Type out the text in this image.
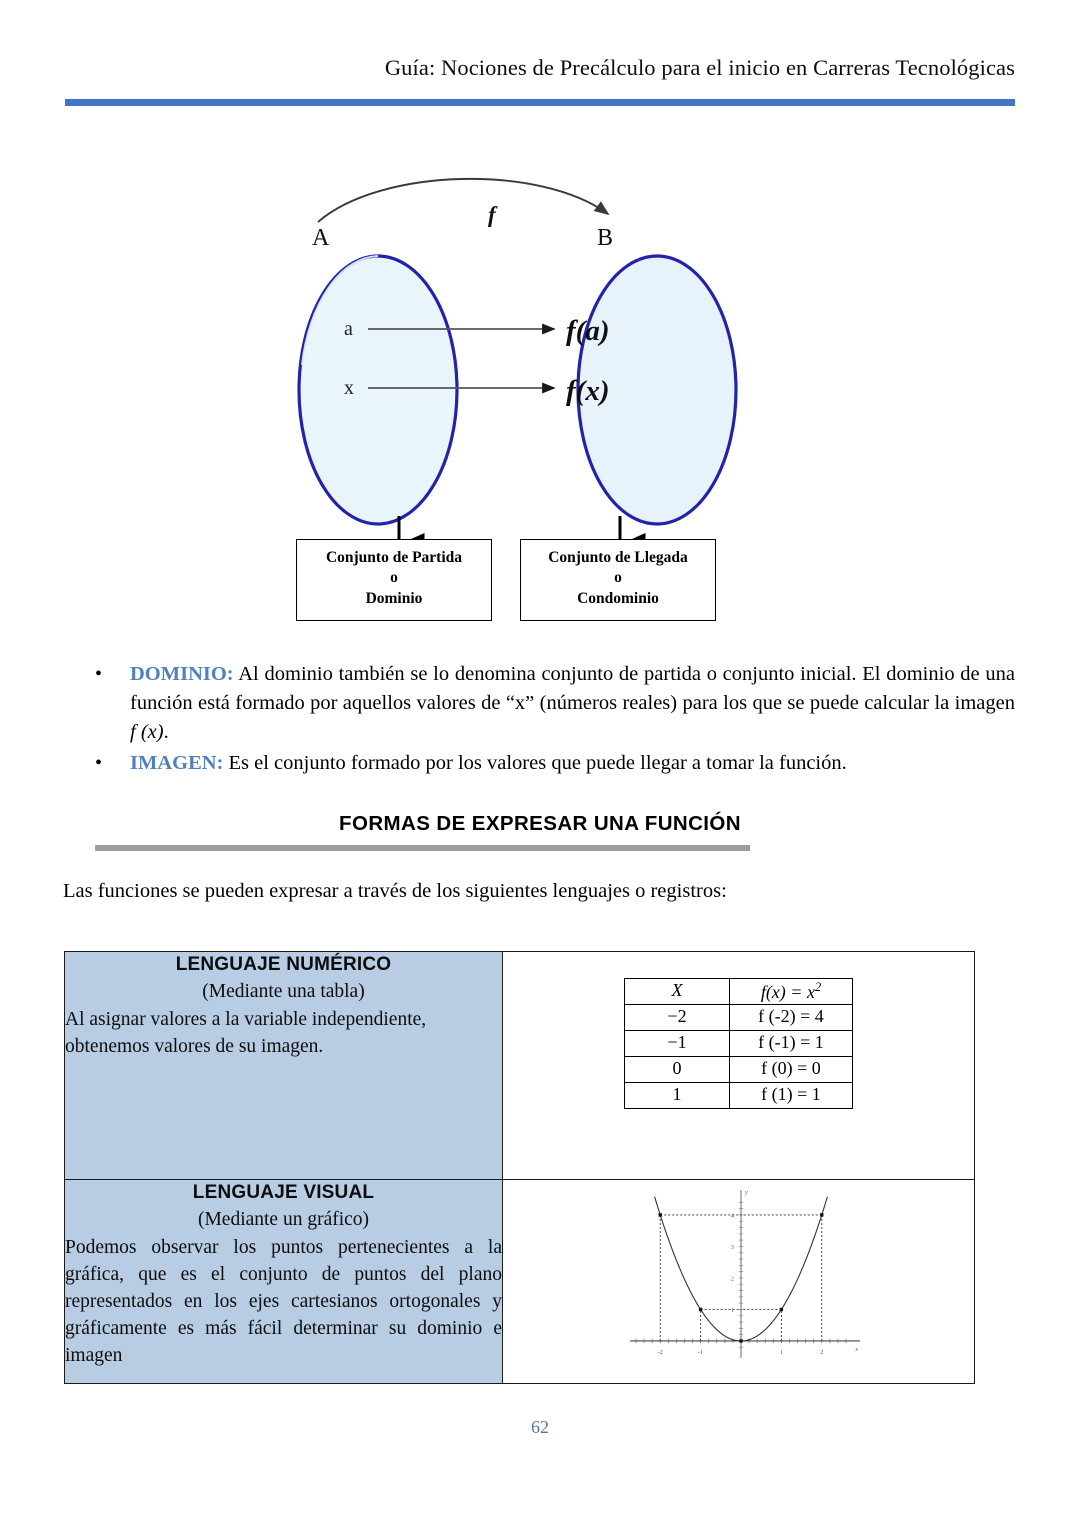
Guía: Nociones de Precálculo para el inicio en Carreras Tecnológicas
f
A	B
a	f(a)
x	f(x)
Conjunto de Partida
o
Dominio
Conjunto de Llegada
o
Condominio
• DOMINIO: Al dominio también se lo denomina conjunto de partida o conjunto inicial. El dominio de una función está formado por aquellos valores de “x” (números reales) para los que se puede calcular la imagen f (x).
• IMAGEN: Es el conjunto formado por los valores que puede llegar a tomar la función.
FORMAS DE EXPRESAR UNA FUNCIÓN
Las funciones se pueden expresar a través de los siguientes lenguajes o registros:
LENGUAJE NUMÉRICO
(Mediante una tabla)
Al asignar valores a la variable independiente, obtenemos valores de su imagen.

X	$f(x) = x^2$
−2	f (-2) = 4
−1	f (-1) = 1
0	f (0) = 0
1	f (1) = 1

LENGUAJE VISUAL
(Mediante un gráfico)
Podemos observar los puntos pertenecientes a la gráfica, que es el conjunto de puntos del plano representados en los ejes cartesianos ortogonales y gráficamente es más fácil determinar su dominio e imagen	-2	-1	1	2
1
2
3
4
x
y
62
